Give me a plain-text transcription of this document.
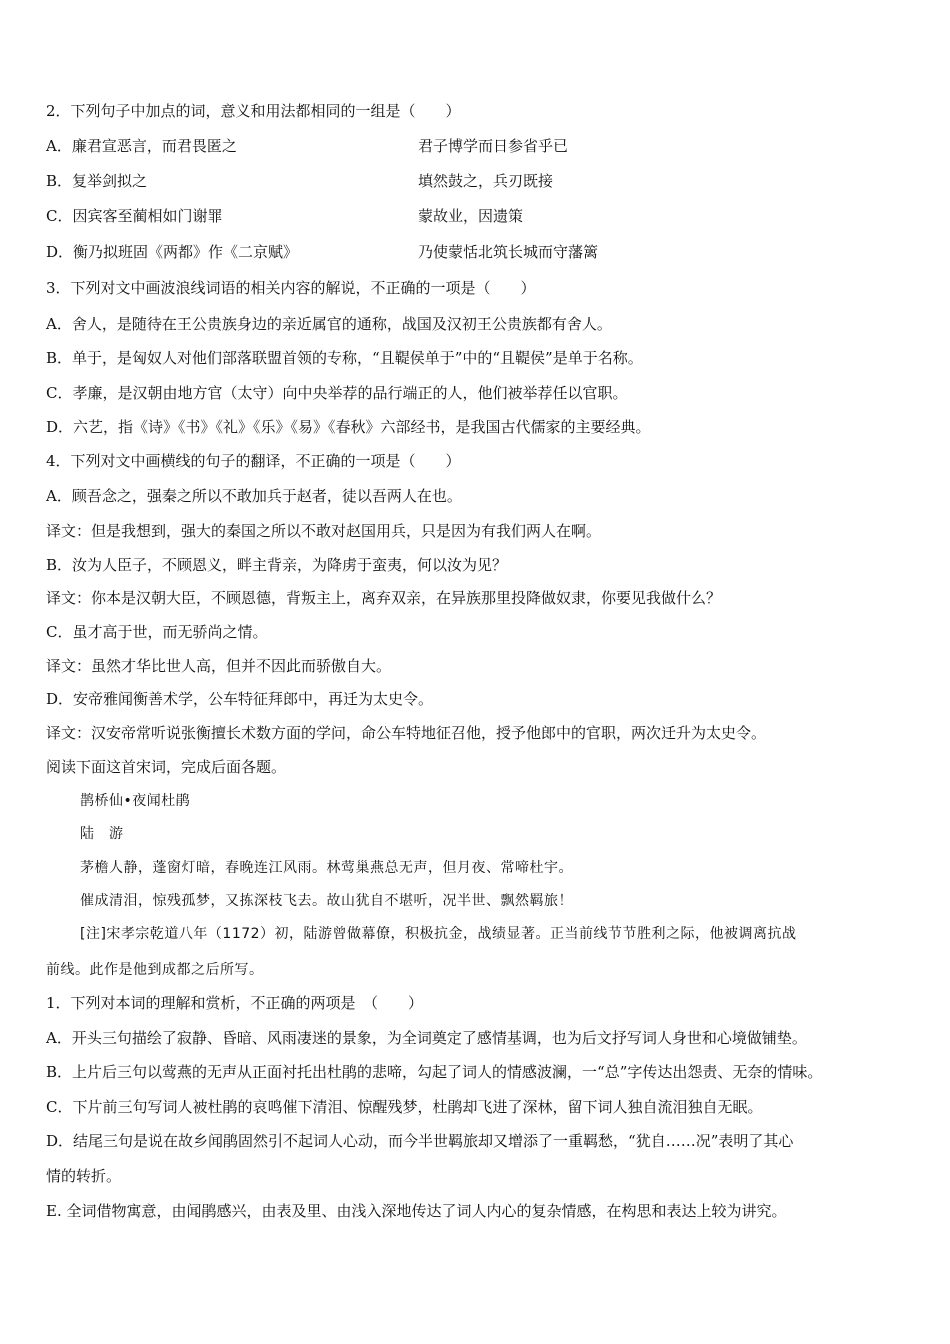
2．下列句子中加点的词，意义和用法都相同的一组是（　　）
A．廉君宣恶言，而君畏匿之	君子博学而日参省乎已
B．复举剑拟之	填然鼓之，兵刃既接
C．因宾客至蔺相如门谢罪	蒙故业，因遗策
D．衡乃拟班固《两都》作《二京赋》	乃使蒙恬北筑长城而守藩篱
3．下列对文中画波浪线词语的相关内容的解说，不正确的一项是（　　）
A．舍人，是随待在王公贵族身边的亲近属官的通称，战国及汉初王公贵族都有舍人。
B．单于，是匈奴人对他们部落联盟首领的专称，“且鞮侯单于”中的“且鞮侯”是单于名称。
C．孝廉，是汉朝由地方官（太守）向中央举荐的品行端正的人，他们被举荐任以官职。
D．六艺，指《诗》《书》《礼》《乐》《易》《春秋》六部经书，是我国古代儒家的主要经典。
4．下列对文中画横线的句子的翻译，不正确的一项是（　　）
A．顾吾念之，强秦之所以不敢加兵于赵者，徒以吾两人在也。
译文：但是我想到，强大的秦国之所以不敢对赵国用兵，只是因为有我们两人在啊。
B．汝为人臣子，不顾恩义，畔主背亲，为降虏于蛮夷，何以汝为见？
译文：你本是汉朝大臣，不顾恩德，背叛主上，离弃双亲，在异族那里投降做奴隶，你要见我做什么？
C．虽才高于世，而无骄尚之情。
译文：虽然才华比世人高，但并不因此而骄傲自大。
D．安帝雅闻衡善术学，公车特征拜郎中，再迁为太史令。
译文：汉安帝常听说张衡擅长术数方面的学问，命公车特地征召他，授予他郎中的官职，两次迁升为太史令。
阅读下面这首宋词，完成后面各题。
鹊桥仙•夜闻杜鹃
陆　游
茅檐人静，蓬窗灯暗，春晚连江风雨。林莺巢燕总无声，但月夜、常啼杜宇。
催成清泪，惊残孤梦，又拣深枝飞去。故山犹自不堪听，况半世、飘然羁旅！
[注]宋孝宗乾道八年（1172）初，陆游曾做幕僚，积极抗金，战绩显著。正当前线节节胜利之际，他被调离抗战
前线。此作是他到成都之后所写。
1．下列对本词的理解和赏析，不正确的两项是　（　　）
A．开头三句描绘了寂静、昏暗、风雨凄迷的景象，为全词奠定了感情基调，也为后文抒写词人身世和心境做铺垫。
B．上片后三句以莺燕的无声从正面衬托出杜鹃的悲啼，勾起了词人的情感波澜，一“总”字传达出怨责、无奈的情味。
C．下片前三句写词人被杜鹃的哀鸣催下清泪、惊醒残梦，杜鹃却飞进了深林，留下词人独自流泪独自无眠。
D．结尾三句是说在故乡闻鹃固然引不起词人心动，而今半世羁旅却又增添了一重羁愁，“犹自……况”表明了其心
情的转折。
E. 全词借物寓意，由闻鹃感兴，由表及里、由浅入深地传达了词人内心的复杂情感，在构思和表达上较为讲究。
